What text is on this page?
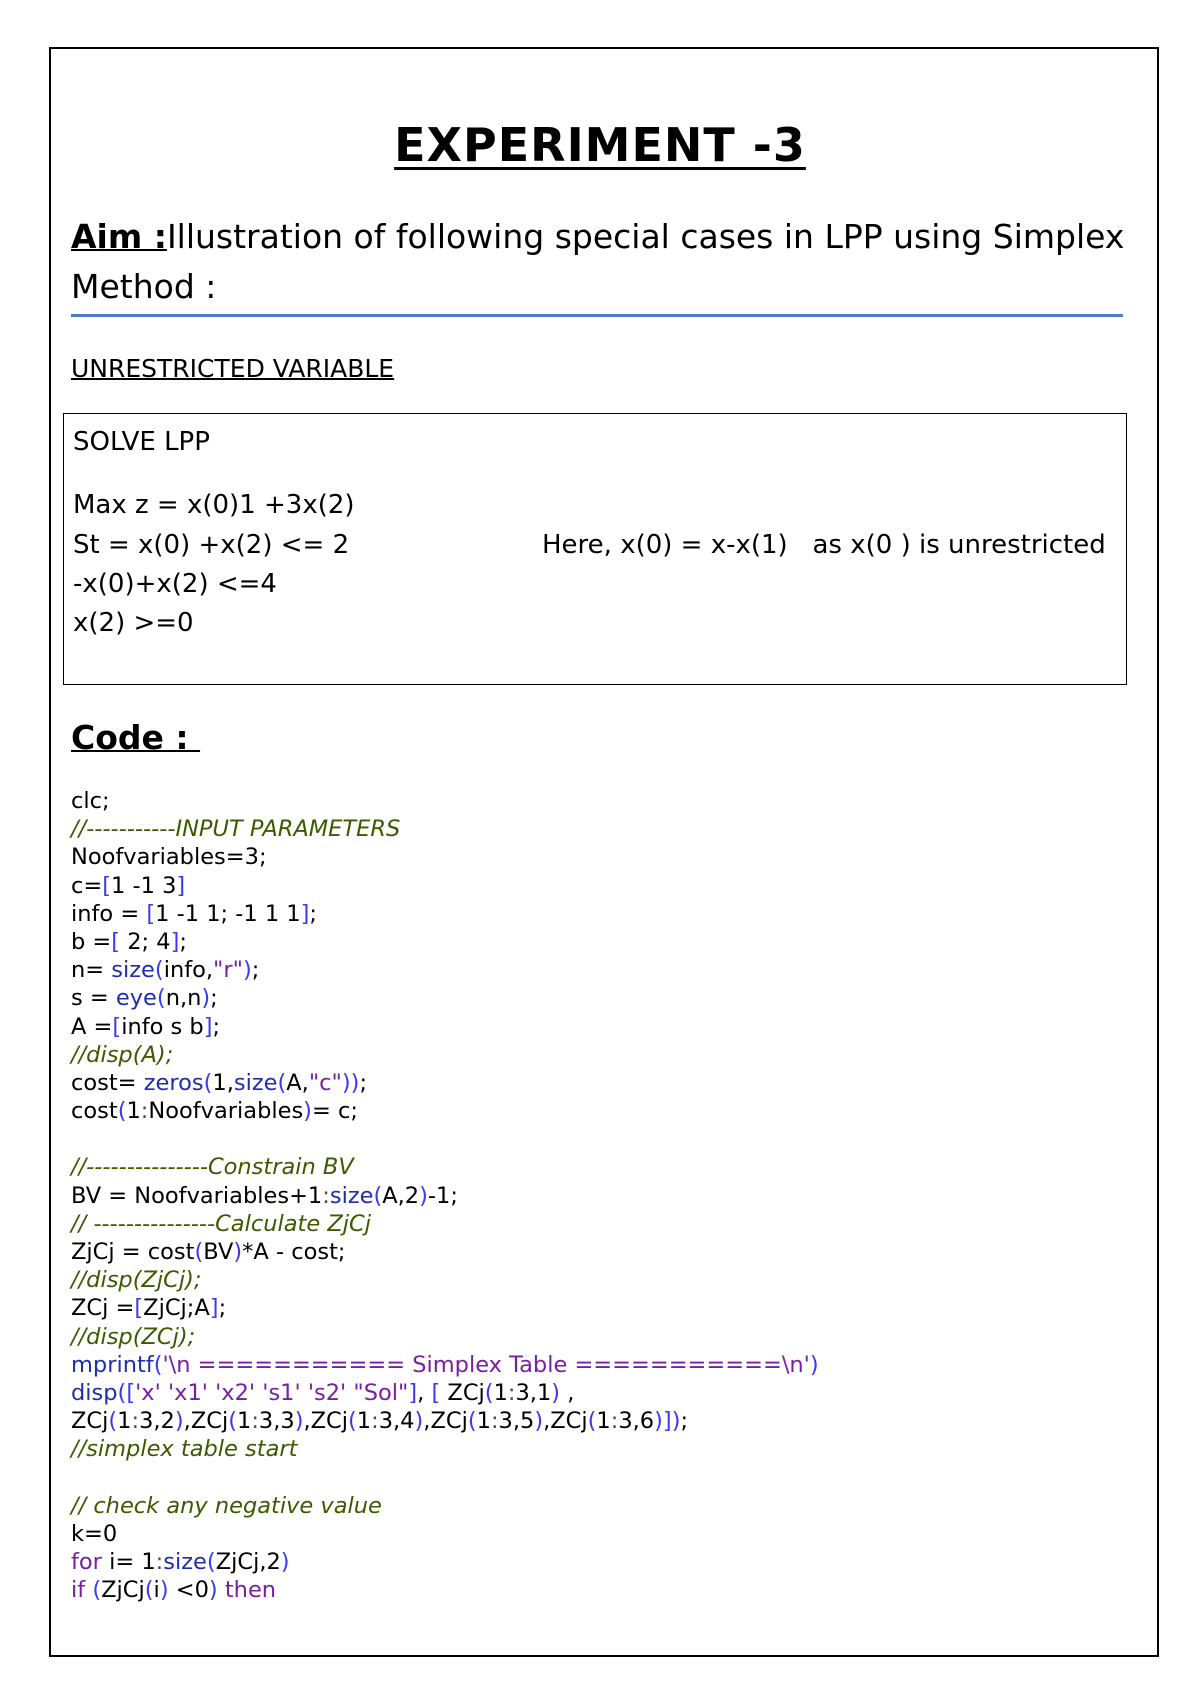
EXPERIMENT -3
Aim :Illustration of following special cases in LPP using Simplex Method :
UNRESTRICTED VARIABLE
SOLVE LPP
Max z = x(0)1 +3x(2)
St = x(0) +x(2) <= 2
-x(0)+x(2) <=4
x(2) >=0
Here, x(0) = x-x(1)   as x(0 ) is unrestricted
Code :
clc;
//-----------INPUT PARAMETERS
Noofvariables=3;
c=[1 -1 3]
info = [1 -1 1; -1 1 1];
b =[ 2; 4];
n= size(info,"r");
s = eye(n,n);
A =[info s b];
//disp(A);
cost= zeros(1,size(A,"c"));
cost(1:Noofvariables)= c;
//---------------Constrain BV
BV = Noofvariables+1:size(A,2)-1;
// ---------------Calculate ZjCj
ZjCj = cost(BV)*A - cost;
//disp(ZjCj);
ZCj =[ZjCj;A];
//disp(ZCj);
mprintf('\n =========== Simplex Table ===========\n')
disp(['x' 'x1' 'x2' 's1' 's2' "Sol"], [ ZCj(1:3,1) ,
ZCj(1:3,2),ZCj(1:3,3),ZCj(1:3,4),ZCj(1:3,5),ZCj(1:3,6)]);
//simplex table start
// check any negative value
k=0
for i= 1:size(ZjCj,2)
if (ZjCj(i) <0) then
